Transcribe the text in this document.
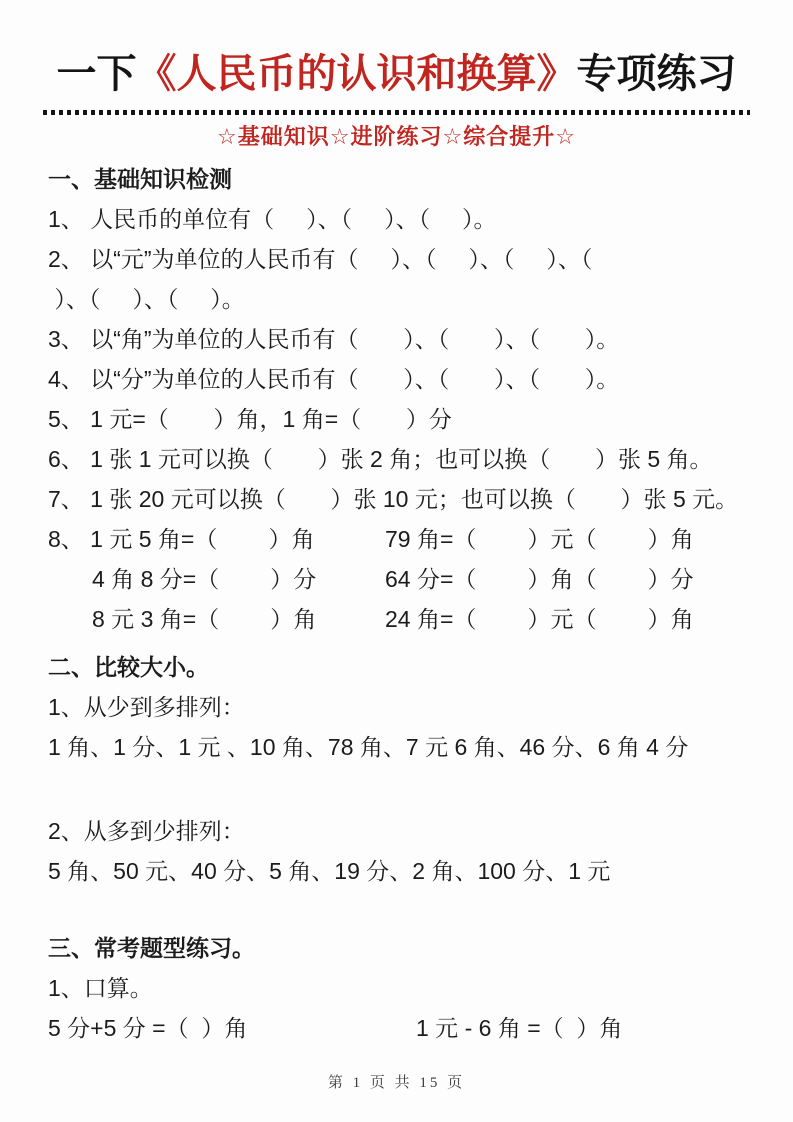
一下《人民币的认识和换算》专项练习
☆基础知识☆进阶练习☆综合提升☆
一、基础知识检测
1、 人民币的单位有（     ）、（     ）、（     ）。
2、 以“元”为单位的人民币有（     ）、（     ）、（     ）、（
）、（     ）、（     ）。
3、 以“角”为单位的人民币有（       ）、（       ）、（       ）。
4、 以“分”为单位的人民币有（       ）、（       ）、（       ）。
5、 1 元=（       ）角，1 角=（       ）分
6、 1 张 1 元可以换（       ）张 2 角；也可以换（       ）张 5 角。
7、 1 张 20 元可以换（       ）张 10 元；也可以换（       ）张 5 元。
8、 1 元 5 角=（        ）角	79 角=（        ）元（        ）角
4 角 8 分=（        ）分	64 分=（        ）角（        ）分
8 元 3 角=（        ）角	24 角=（        ）元（        ）角
二、比较大小。
1、从少到多排列：
1 角、1 分、1 元 、10 角、78 角、7 元 6 角、46 分、6 角 4 分
2、从多到少排列：
5 角、50 元、40 分、5 角、19 分、2 角、100 分、1 元
三、常考题型练习。
1、口算。
5 分+5 分 =（  ）角	1 元 - 6 角 =（  ）角
第 1 页 共 15 页
